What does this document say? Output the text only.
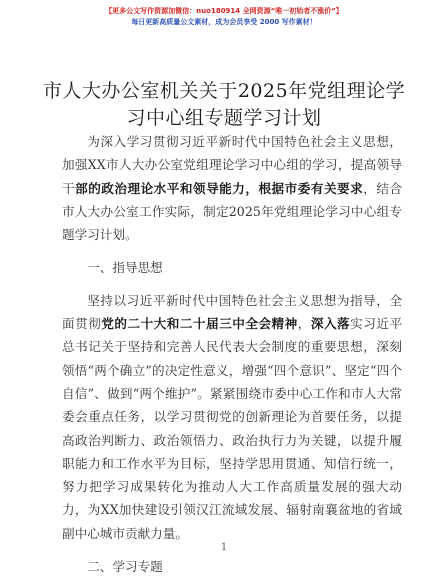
【更多公文写作资源加微信：nuo180914 全网资源“唯一初始者不涨价”】
每日更新高质量公文素材，成为会员享受 2000 写作素材！
市人大办公室机关关于2025年党组理论学习中心组专题学习计划

为深入学习贯彻习近平新时代中国特色社会主义思想，加强XX市人大办公室党组理论学习中心组的学习，提高领导干部的政治理论水平和领导能力，根据市委有关要求，结合市人大办公室工作实际，制定2025年党组理论学习中心组专题学习计划。

一、指导思想

坚持以习近平新时代中国特色社会主义思想为指导，全面贯彻党的二十大和二十届三中全会精神，深入落实习近平总书记关于坚持和完善人民代表大会制度的重要思想，深刻领悟“两个确立”的决定性意义，增强“四个意识”、坚定“四个自信”、做到“两个维护”。紧紧围绕市委中心工作和市人大常委会重点任务，以学习贯彻党的创新理论为首要任务，以提高政治判断力、政治领悟力、政治执行力为关键，以提升履职能力和工作水平为目标，坚持学思用贯通、知信行统一，努力把学习成果转化为推动人大工作高质量发展的强大动力，为XX加快建设引领汉江流域发展、辐射南襄盆地的省域副中心城市贡献力量。

二、学习专题

1
